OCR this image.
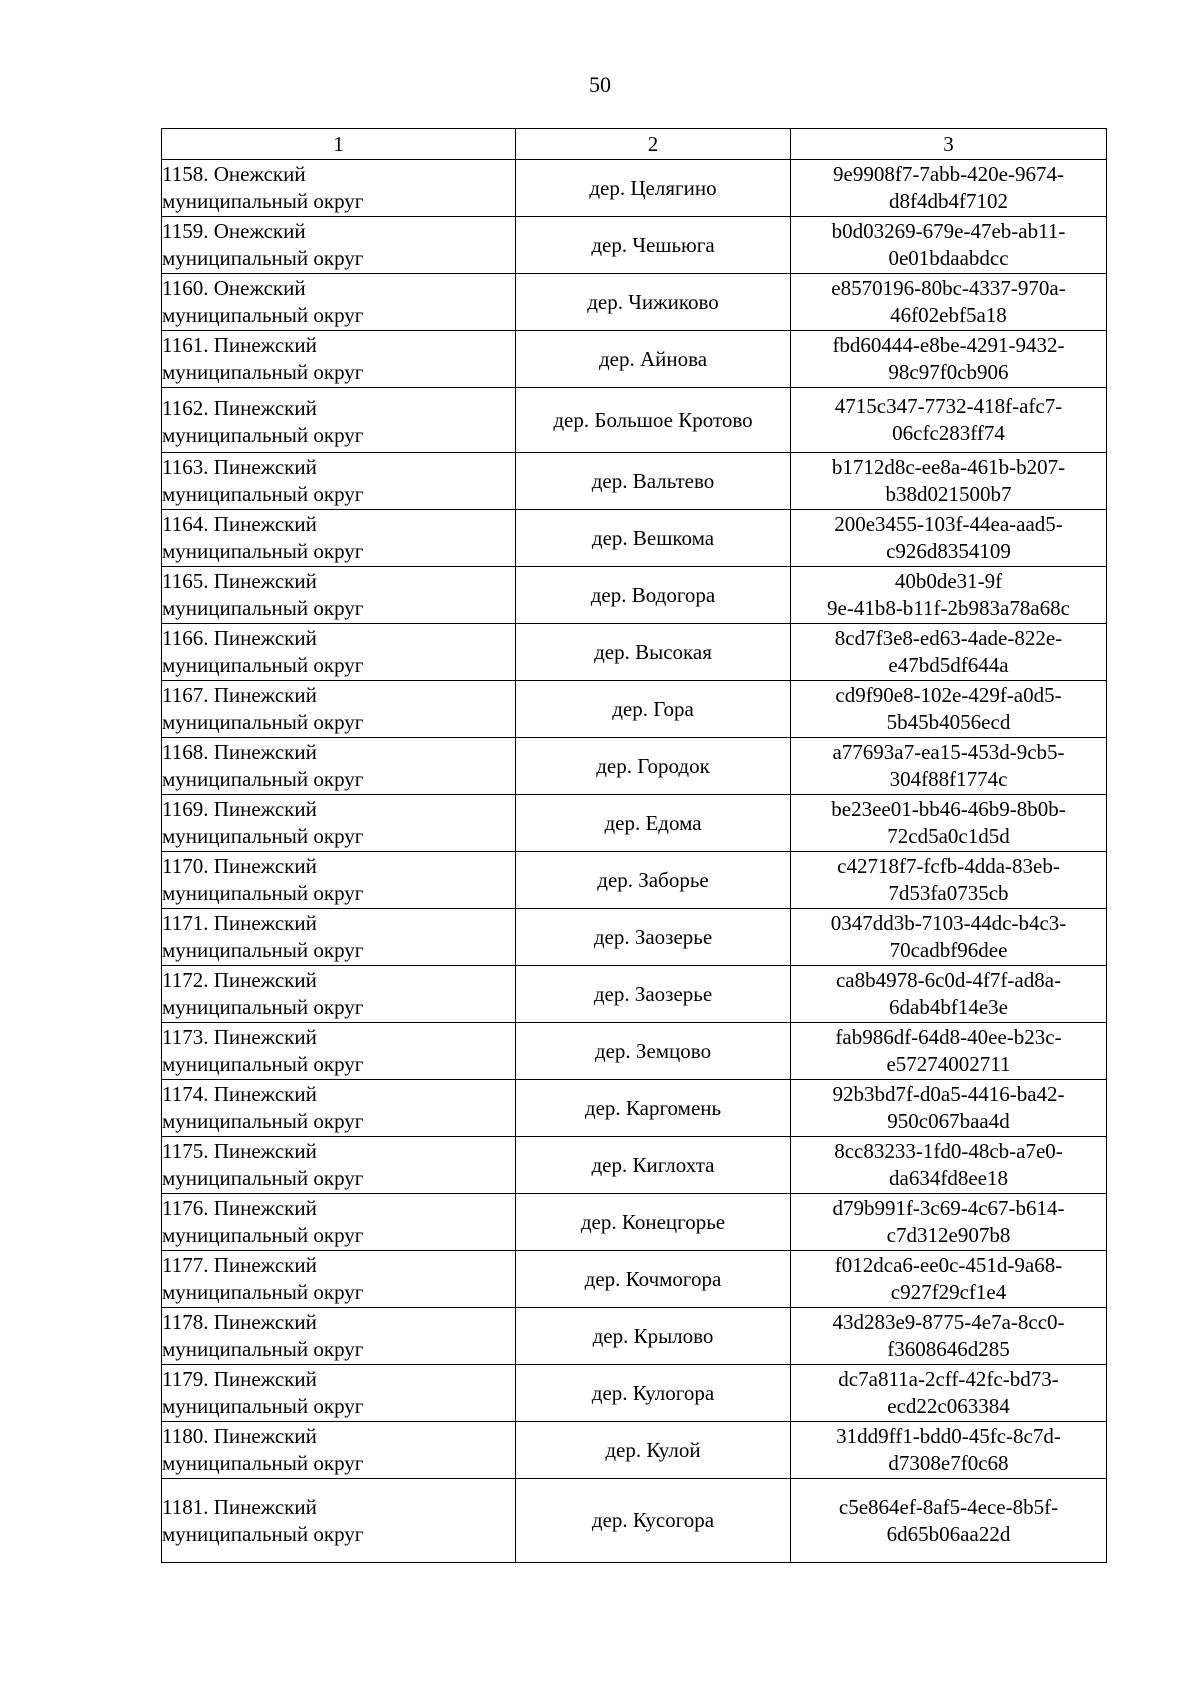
50
1	2	3

1158. Онежский
муниципальный округ	дер. Целягино	9e9908f7-7abb-420e-9674-
d8f4db4f7102

1159. Онежский
муниципальный округ	дер. Чешьюга	b0d03269-679e-47eb-ab11-
0e01bdaabdcc

1160. Онежский
муниципальный округ	дер. Чижиково	e8570196-80bc-4337-970a-
46f02ebf5a18

1161. Пинежский
муниципальный округ	дер. Айнова	fbd60444-e8be-4291-9432-
98c97f0cb906

1162. Пинежский
муниципальный округ	дер. Большое Кротово	4715c347-7732-418f-afc7-
06cfc283ff74

1163. Пинежский
муниципальный округ	дер. Вальтево	b1712d8c-ee8a-461b-b207-
b38d021500b7

1164. Пинежский
муниципальный округ	дер. Вешкома	200e3455-103f-44ea-aad5-
c926d8354109

1165. Пинежский
муниципальный округ	дер. Водогора	40b0de31-9f
9e-41b8-b11f-2b983a78a68c

1166. Пинежский
муниципальный округ	дер. Высокая	8cd7f3e8-ed63-4ade-822e-
e47bd5df644a

1167. Пинежский
муниципальный округ	дер. Гора	cd9f90e8-102e-429f-a0d5-
5b45b4056ecd

1168. Пинежский
муниципальный округ	дер. Городок	a77693a7-ea15-453d-9cb5-
304f88f1774c

1169. Пинежский
муниципальный округ	дер. Едома	be23ee01-bb46-46b9-8b0b-
72cd5a0c1d5d

1170. Пинежский
муниципальный округ	дер. Заборье	c42718f7-fcfb-4dda-83eb-
7d53fa0735cb

1171. Пинежский
муниципальный округ	дер. Заозерье	0347dd3b-7103-44dc-b4c3-
70cadbf96dee

1172. Пинежский
муниципальный округ	дер. Заозерье	ca8b4978-6c0d-4f7f-ad8a-
6dab4bf14e3e

1173. Пинежский
муниципальный округ	дер. Земцово	fab986df-64d8-40ee-b23c-
e57274002711

1174. Пинежский
муниципальный округ	дер. Каргомень	92b3bd7f-d0a5-4416-ba42-
950c067baa4d

1175. Пинежский
муниципальный округ	дер. Киглохта	8cc83233-1fd0-48cb-a7e0-
da634fd8ee18

1176. Пинежский
муниципальный округ	дер. Конецгорье	d79b991f-3c69-4c67-b614-
c7d312e907b8

1177. Пинежский
муниципальный округ	дер. Кочмогора	f012dca6-ee0c-451d-9a68-
c927f29cf1e4

1178. Пинежский
муниципальный округ	дер. Крылово	43d283e9-8775-4e7a-8cc0-
f3608646d285

1179. Пинежский
муниципальный округ	дер. Кулогора	dc7a811a-2cff-42fc-bd73-
ecd22c063384

1180. Пинежский
муниципальный округ	дер. Кулой	31dd9ff1-bdd0-45fc-8c7d-
d7308e7f0c68

1181. Пинежский
муниципальный округ	дер. Кусогора	c5e864ef-8af5-4ece-8b5f-
6d65b06aa22d
